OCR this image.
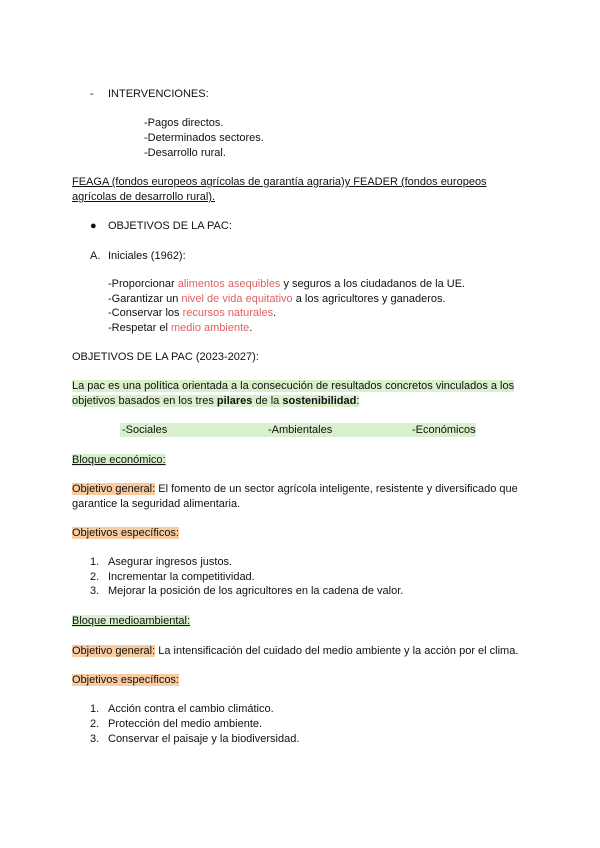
- INTERVENCIONES:
-Pagos directos.
-Determinados sectores.
-Desarrollo rural.
FEAGA (fondos europeos agrícolas de garantía agraria)y FEADER (fondos europeos
agrícolas de desarrollo rural).
● OBJETIVOS DE LA PAC:
A. Iniciales (1962):
-Proporcionar alimentos asequibles y seguros a los ciudadanos de la UE.
-Garantizar un nivel de vida equitativo a los agricultores y ganaderos.
-Conservar los recursos naturales.
-Respetar el medio ambiente.
OBJETIVOS DE LA PAC (2023-2027):
La pac es una política orientada a la consecución de resultados concretos vinculados a los
objetivos basados en los tres pilares de la sostenibilidad:
-Sociales	-Ambientales	-Económicos
Bloque económico:
Objetivo general: El fomento de un sector agrícola inteligente, resistente y diversificado que
garantice la seguridad alimentaria.
Objetivos específicos:
1. Asegurar ingresos justos.
2. Incrementar la competitividad.
3. Mejorar la posición de los agricultores en la cadena de valor.
Bloque medioambiental:
Objetivo general: La intensificación del cuidado del medio ambiente y la acción por el clima.
Objetivos específicos:
1. Acción contra el cambio climático.
2. Protección del medio ambiente.
3. Conservar el paisaje y la biodiversidad.
